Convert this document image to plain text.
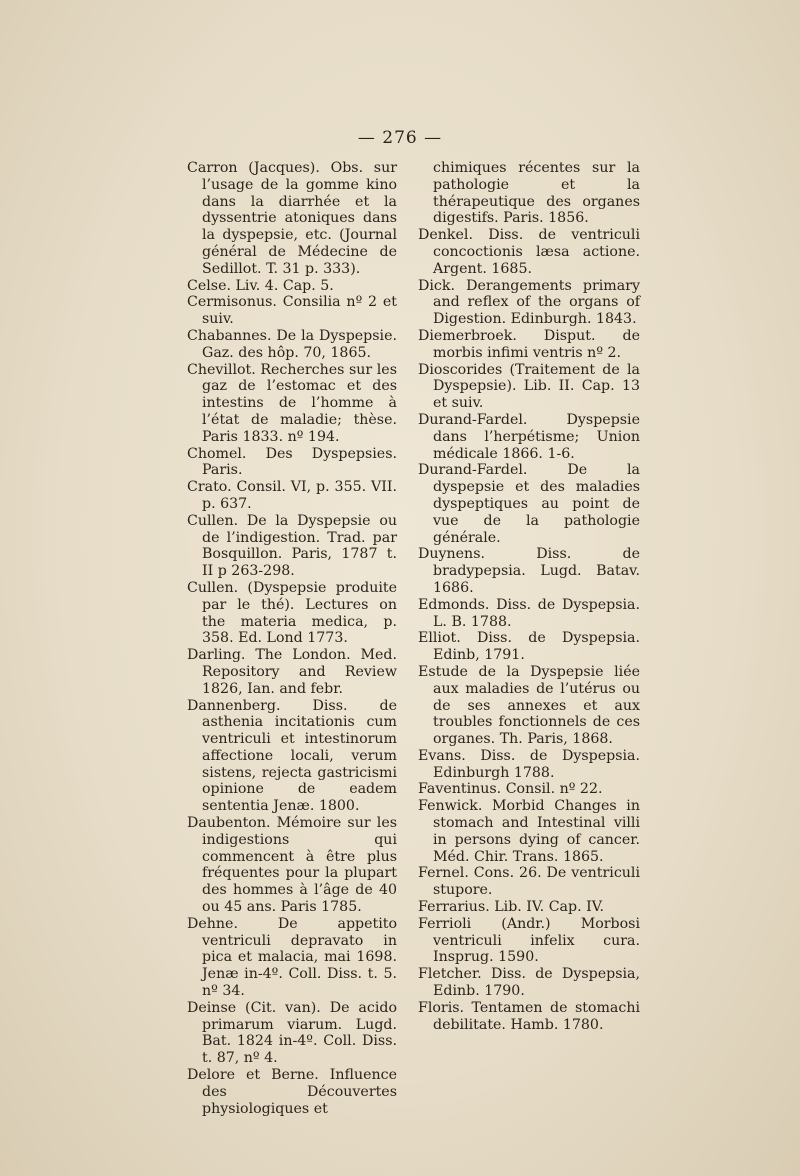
— 276 —

Carron (Jacques). Obs. sur l’usage de la gomme kino dans la diarrhée et la dyssentrie atoniques dans la dyspepsie, etc. (Journal général de Médecine de Sedillot. T. 31 p. 333).

Celse. Liv. 4. Cap. 5.

Cermisonus. Consilia nº 2 et suiv.

Chabannes. De la Dyspepsie. Gaz. des hôp. 70, 1865.

Chevillot. Recherches sur les gaz de l’estomac et des intestins de l’homme à l’état de maladie; thèse. Paris 1833. nº 194.

Chomel. Des Dyspepsies. Paris.

Crato. Consil. VI, p. 355. VII. p. 637.

Cullen. De la Dyspepsie ou de l’indigestion. Trad. par Bosquillon. Paris, 1787 t. II p 263-298.

Cullen. (Dyspepsie produite par le thé). Lectures on the materia medica, p. 358. Ed. Lond 1773.

Darling. The London. Med. Repository and Review 1826, Ian. and febr.

Dannenberg. Diss. de asthenia incitationis cum ventriculi et intestinorum affectione locali, verum sistens, rejecta gastricismi opinione de eadem sententia Jenæ. 1800.

Daubenton. Mémoire sur les indigestions qui commencent à être plus fréquentes pour la plupart des hommes à l’âge de 40 ou 45 ans. Paris 1785.

Dehne. De appetito ventriculi depravato in pica et malacia, mai 1698. Jenæ in-4º. Coll. Diss. t. 5. nº 34.

Deinse (Cit. van). De acido primarum viarum. Lugd. Bat. 1824 in-4º. Coll. Diss. t. 87, nº 4.

Delore et Berne. Influence des Découvertes physiologiques et

chimiques récentes sur la pathologie et la thérapeutique des organes digestifs. Paris. 1856.

Denkel. Diss. de ventriculi concoctionis læsa actione. Argent. 1685.

Dick. Derangements primary and reflex of the organs of Digestion. Edinburgh. 1843.

Diemerbroek. Disput. de morbis infimi ventris nº 2.

Dioscorides (Traitement de la Dyspepsie). Lib. II. Cap. 13 et suiv.

Durand-Fardel. Dyspepsie dans l’herpétisme; Union médicale 1866. 1-6.

Durand-Fardel. De la dyspepsie et des maladies dyspeptiques au point de vue de la pathologie générale.

Duynens. Diss. de bradypepsia. Lugd. Batav. 1686.

Edmonds. Diss. de Dyspepsia. L. B. 1788.

Elliot. Diss. de Dyspepsia. Edinb, 1791.

Estude de la Dyspepsie liée aux maladies de l’utérus ou de ses annexes et aux troubles fonctionnels de ces organes. Th. Paris, 1868.

Evans. Diss. de Dyspepsia. Edinburgh 1788.

Faventinus. Consil. nº 22.

Fenwick. Morbid Changes in stomach and Intestinal villi in persons dying of cancer. Méd. Chir. Trans. 1865.

Fernel. Cons. 26. De ventriculi stupore.

Ferrarius. Lib. IV. Cap. IV.

Ferrioli (Andr.) Morbosi ventriculi infelix cura. Insprug. 1590.

Fletcher. Diss. de Dyspepsia, Edinb. 1790.

Floris. Tentamen de stomachi debilitate. Hamb. 1780.
